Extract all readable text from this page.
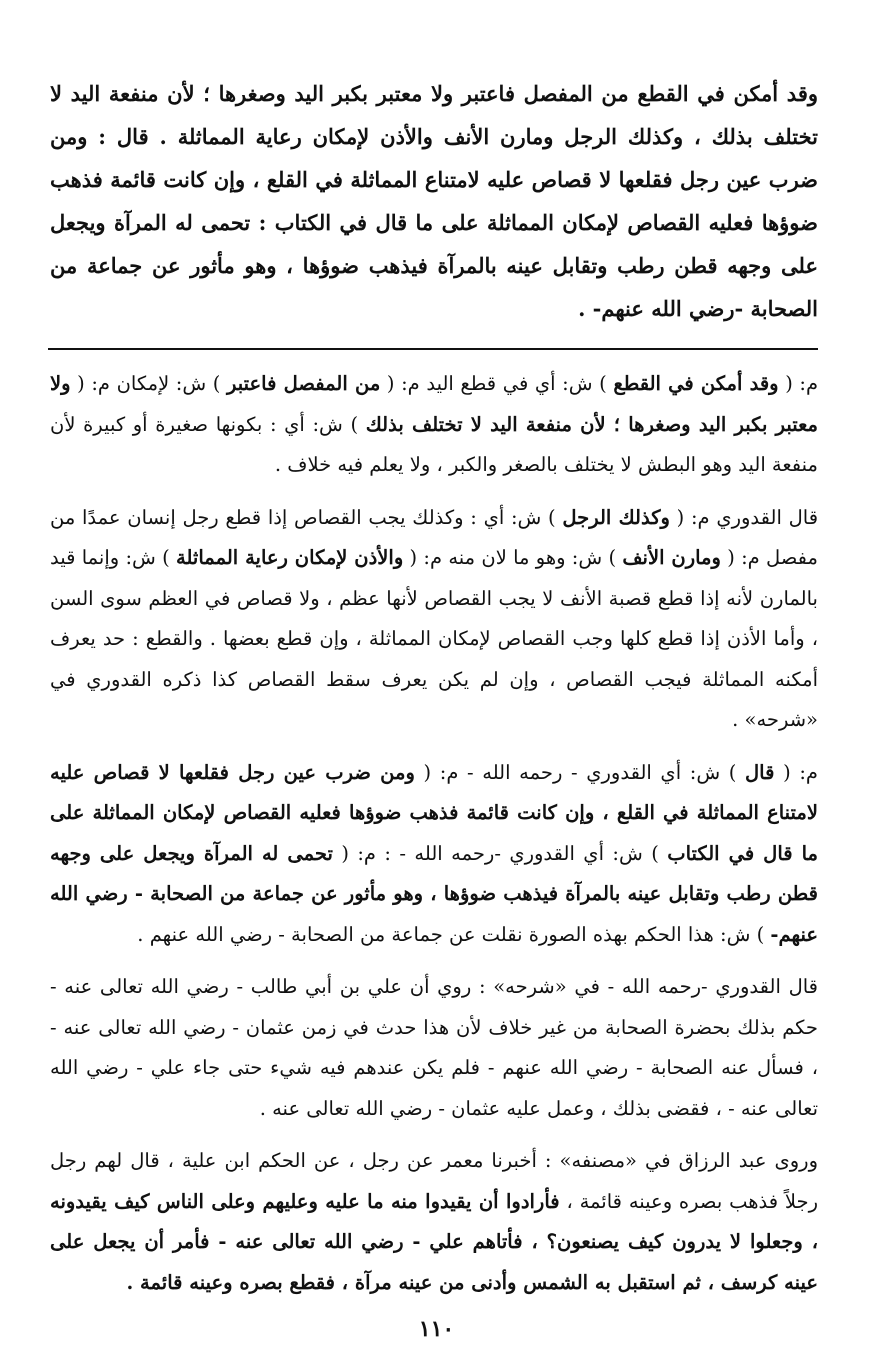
وقد أمكن في القطع من المفصل فاعتبر ولا معتبر بكبر اليد وصغرها ؛ لأن منفعة اليد لا تختلف بذلك ، وكذلك الرجل ومارن الأنف والأذن لإمكان رعاية المماثلة . قال : ومن ضرب عين رجل فقلعها لا قصاص عليه لامتناع المماثلة في القلع ، وإن كانت قائمة فذهب ضوؤها فعليه القصاص لإمكان المماثلة على ما قال في الكتاب : تحمى له المرآة ويجعل على وجهه قطن رطب وتقابل عينه بالمرآة فيذهب ضوؤها ، وهو مأثور عن جماعة من الصحابة -رضي الله عنهم- .

م: ( وقد أمكن في القطع ) ش: أي في قطع اليد م: ( من المفصل فاعتبر ) ش: لإمكان م: ( ولا معتبر بكبر اليد وصغرها ؛ لأن منفعة اليد لا تختلف بذلك ) ش: أي : بكونها صغيرة أو كبيرة لأن منفعة اليد وهو البطش لا يختلف بالصغر والكبر ، ولا يعلم فيه خلاف .

قال القدوري م: ( وكذلك الرجل ) ش: أي : وكذلك يجب القصاص إذا قطع رجل إنسان عمدًا من مفصل م: ( ومارن الأنف ) ش: وهو ما لان منه م: ( والأذن لإمكان رعاية المماثلة ) ش: وإنما قيد بالمارن لأنه إذا قطع قصبة الأنف لا يجب القصاص لأنها عظم ، ولا قصاص في العظم سوى السن ، وأما الأذن إذا قطع كلها وجب القصاص لإمكان المماثلة ، وإن قطع بعضها . والقطع : حد يعرف أمكنه المماثلة فيجب القصاص ، وإن لم يكن يعرف سقط القصاص كذا ذكره القدوري في «شرحه» .

م: ( قال ) ش: أي القدوري - رحمه الله - م: ( ومن ضرب عين رجل فقلعها لا قصاص عليه لامتناع المماثلة في القلع ، وإن كانت قائمة فذهب ضوؤها فعليه القصاص لإمكان المماثلة على ما قال في الكتاب ) ش: أي القدوري -رحمه الله - : م: ( تحمى له المرآة ويجعل على وجهه قطن رطب وتقابل عينه بالمرآة فيذهب ضوؤها ، وهو مأثور عن جماعة من الصحابة - رضي الله عنهم- ) ش: هذا الحكم بهذه الصورة نقلت عن جماعة من الصحابة - رضي الله عنهم .

قال القدوري -رحمه الله - في «شرحه» : روي أن علي بن أبي طالب - رضي الله تعالى عنه - حكم بذلك بحضرة الصحابة من غير خلاف لأن هذا حدث في زمن عثمان - رضي الله تعالى عنه - ، فسأل عنه الصحابة - رضي الله عنهم - فلم يكن عندهم فيه شيء حتى جاء علي - رضي الله تعالى عنه - ، فقضى بذلك ، وعمل عليه عثمان - رضي الله تعالى عنه .

وروى عبد الرزاق في «مصنفه» : أخبرنا معمر عن رجل ، عن الحكم ابن علية ، قال لهم رجل رجلاً فذهب بصره وعينه قائمة ، فأرادوا أن يقيدوا منه ما عليه وعليهم وعلى الناس كيف يقيدونه ، وجعلوا لا يدرون كيف يصنعون؟ ، فأتاهم علي - رضي الله تعالى عنه - فأمر أن يجعل على عينه كرسف ، ثم استقبل به الشمس وأدنى من عينه مرآة ، فقطع بصره وعينه قائمة .

١١٠
